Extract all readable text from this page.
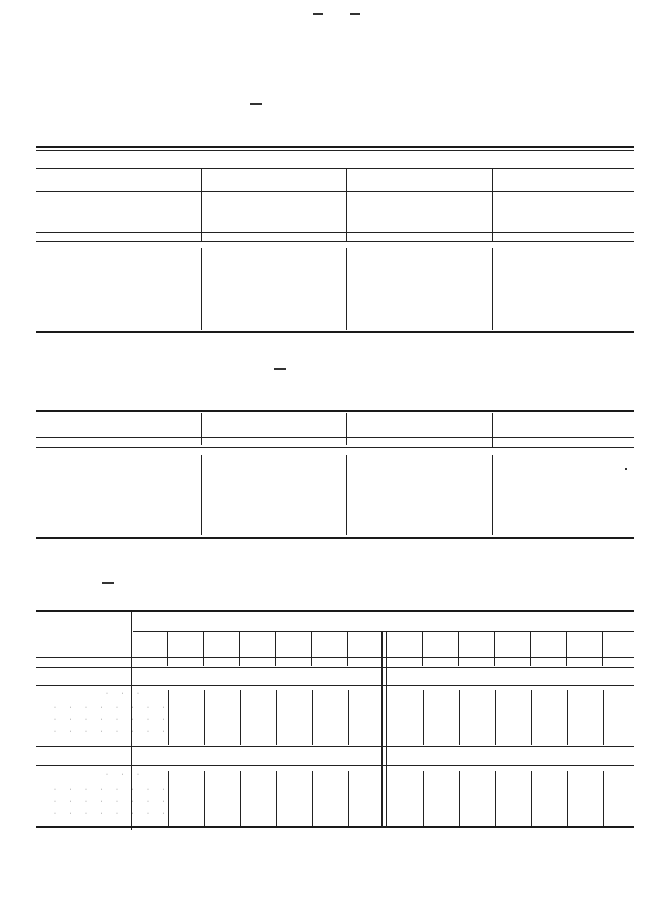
· · ·
· · · · · · · ·
· · · · · · · ·
· · · · · · · ·
· · ·
· · · · · · · ·
· · · · · · · ·
· · · · · · · ·
